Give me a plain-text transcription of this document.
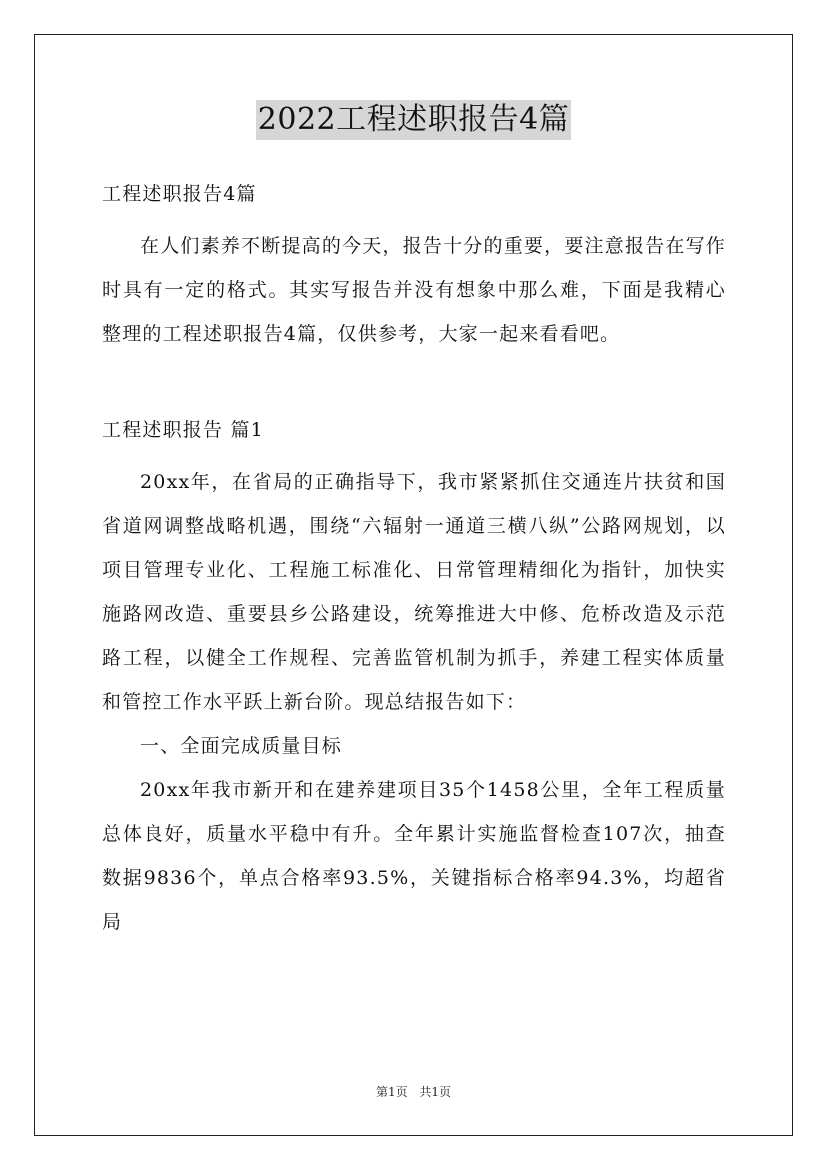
2022工程述职报告4篇

工程述职报告4篇

在人们素养不断提高的今天，报告十分的重要，要注意报告在写作时具有一定的格式。其实写报告并没有想象中那么难，下面是我精心整理的工程述职报告4篇，仅供参考，大家一起来看看吧。

工程述职报告 篇1

20xx年，在省局的正确指导下，我市紧紧抓住交通连片扶贫和国省道网调整战略机遇，围绕“六辐射一通道三横八纵”公路网规划，以项目管理专业化、工程施工标准化、日常管理精细化为指针，加快实施路网改造、重要县乡公路建设，统筹推进大中修、危桥改造及示范路工程，以健全工作规程、完善监管机制为抓手，养建工程实体质量和管控工作水平跃上新台阶。现总结报告如下：

一、全面完成质量目标

20xx年我市新开和在建养建项目35个1458公里，全年工程质量总体良好，质量水平稳中有升。全年累计实施监督检查107次，抽查数据9836个，单点合格率93.5%，关键指标合格率94.3%，均超省局

第1页 共1页
